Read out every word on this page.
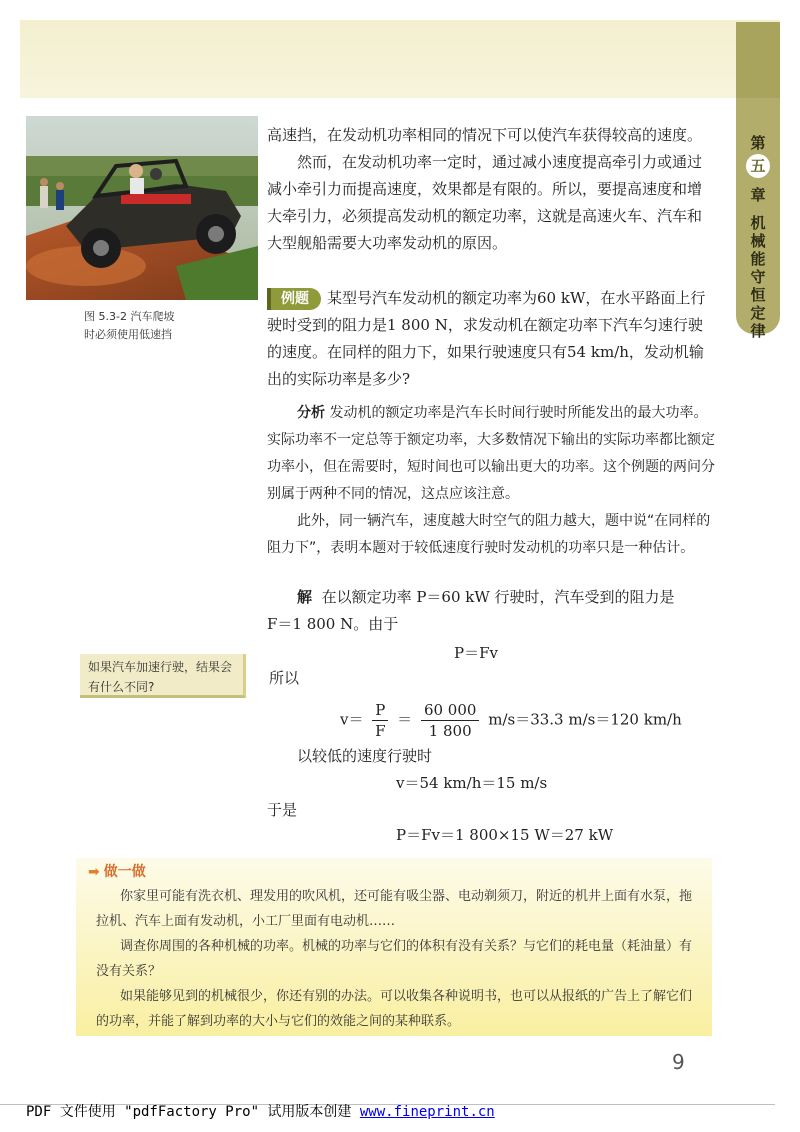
第
五
章
机
械
能
守
恒
定
律
图 5.3-2 汽车爬坡
时必须使用低速挡
高速挡，在发动机功率相同的情况下可以使汽车获得较高的速度。
然而，在发动机功率一定时，通过减小速度提高牵引力或通过减小牵引力而提高速度，效果都是有限的。所以，要提高速度和增大牵引力，必须提高发动机的额定功率，这就是高速火车、汽车和大型舰船需要大功率发动机的原因。
例题 某型号汽车发动机的额定功率为60 kW，在水平路面上行驶时受到的阻力是1 800 N，求发动机在额定功率下汽车匀速行驶的速度。在同样的阻力下，如果行驶速度只有54 km/h，发动机输出的实际功率是多少?
分析 发动机的额定功率是汽车长时间行驶时所能发出的最大功率。实际功率不一定总等于额定功率，大多数情况下输出的实际功率都比额定功率小，但在需要时，短时间也可以输出更大的功率。这个例题的两问分别属于两种不同的情况，这点应该注意。
此外，同一辆汽车，速度越大时空气的阻力越大，题中说“在同样的阻力下”，表明本题对于较低速度行驶时发动机的功率只是一种估计。
解 在以额定功率 P＝60 kW 行驶时，汽车受到的阻力是
F＝1 800 N。由于
P＝Fv
所以
$v= \frac{P}{F} = \frac{60 000}{1 800} m/s=33.3$ m/s＝120 km/h
以较低的速度行驶时
v＝54 km/h＝15 m/s
于是
P＝Fv＝1 800×15 W＝27 kW
如果汽车加速行驶，结果会有什么不同?
➡ 做一做

你家里可能有洗衣机、理发用的吹风机，还可能有吸尘器、电动剃须刀，附近的机井上面有水泵，拖拉机、汽车上面有发动机，小工厂里面有电动机……

调查你周围的各种机械的功率。机械的功率与它们的体积有没有关系？与它们的耗电量（耗油量）有没有关系？

如果能够见到的机械很少，你还有别的办法。可以收集各种说明书，也可以从报纸的广告上了解它们的功率，并能了解到功率的大小与它们的效能之间的某种联系。

9
PDF 文件使用 "pdfFactory Pro" 试用版本创建 www.fineprint.cn
